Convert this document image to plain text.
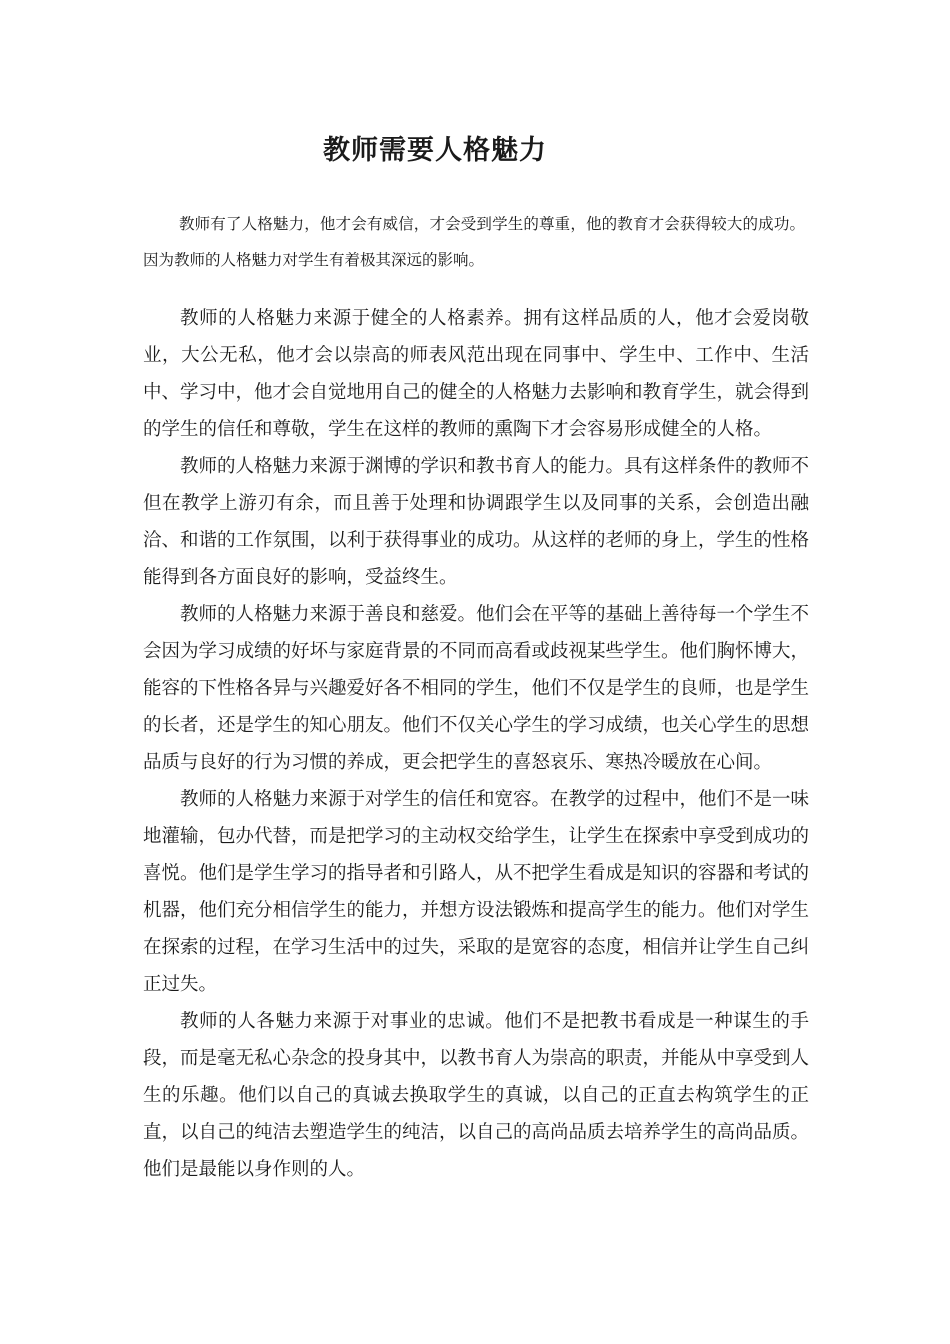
教师需要人格魅力

教师有了人格魅力，他才会有威信，才会受到学生的尊重，他的教育才会获得较大的成功。因为教师的人格魅力对学生有着极其深远的影响。

教师的人格魅力来源于健全的人格素养。拥有这样品质的人，他才会爱岗敬业，大公无私，他才会以崇高的师表风范出现在同事中、学生中、工作中、生活中、学习中，他才会自觉地用自己的健全的人格魅力去影响和教育学生，就会得到的学生的信任和尊敬，学生在这样的教师的熏陶下才会容易形成健全的人格。

教师的人格魅力来源于渊博的学识和教书育人的能力。具有这样条件的教师不但在教学上游刃有余，而且善于处理和协调跟学生以及同事的关系，会创造出融洽、和谐的工作氛围，以利于获得事业的成功。从这样的老师的身上，学生的性格能得到各方面良好的影响，受益终生。

教师的人格魅力来源于善良和慈爱。他们会在平等的基础上善待每一个学生不会因为学习成绩的好坏与家庭背景的不同而高看或歧视某些学生。他们胸怀博大，能容的下性格各异与兴趣爱好各不相同的学生，他们不仅是学生的良师，也是学生的长者，还是学生的知心朋友。他们不仅关心学生的学习成绩，也关心学生的思想品质与良好的行为习惯的养成，更会把学生的喜怒哀乐、寒热冷暖放在心间。

教师的人格魅力来源于对学生的信任和宽容。在教学的过程中，他们不是一味地灌输，包办代替，而是把学习的主动权交给学生，让学生在探索中享受到成功的喜悦。他们是学生学习的指导者和引路人，从不把学生看成是知识的容器和考试的机器，他们充分相信学生的能力，并想方设法锻炼和提高学生的能力。他们对学生在探索的过程，在学习生活中的过失，采取的是宽容的态度，相信并让学生自己纠正过失。

教师的人各魅力来源于对事业的忠诚。他们不是把教书看成是一种谋生的手段，而是毫无私心杂念的投身其中，以教书育人为崇高的职责，并能从中享受到人生的乐趣。他们以自己的真诚去换取学生的真诚，以自己的正直去构筑学生的正直，以自己的纯洁去塑造学生的纯洁，以自己的高尚品质去培养学生的高尚品质。他们是最能以身作则的人。
